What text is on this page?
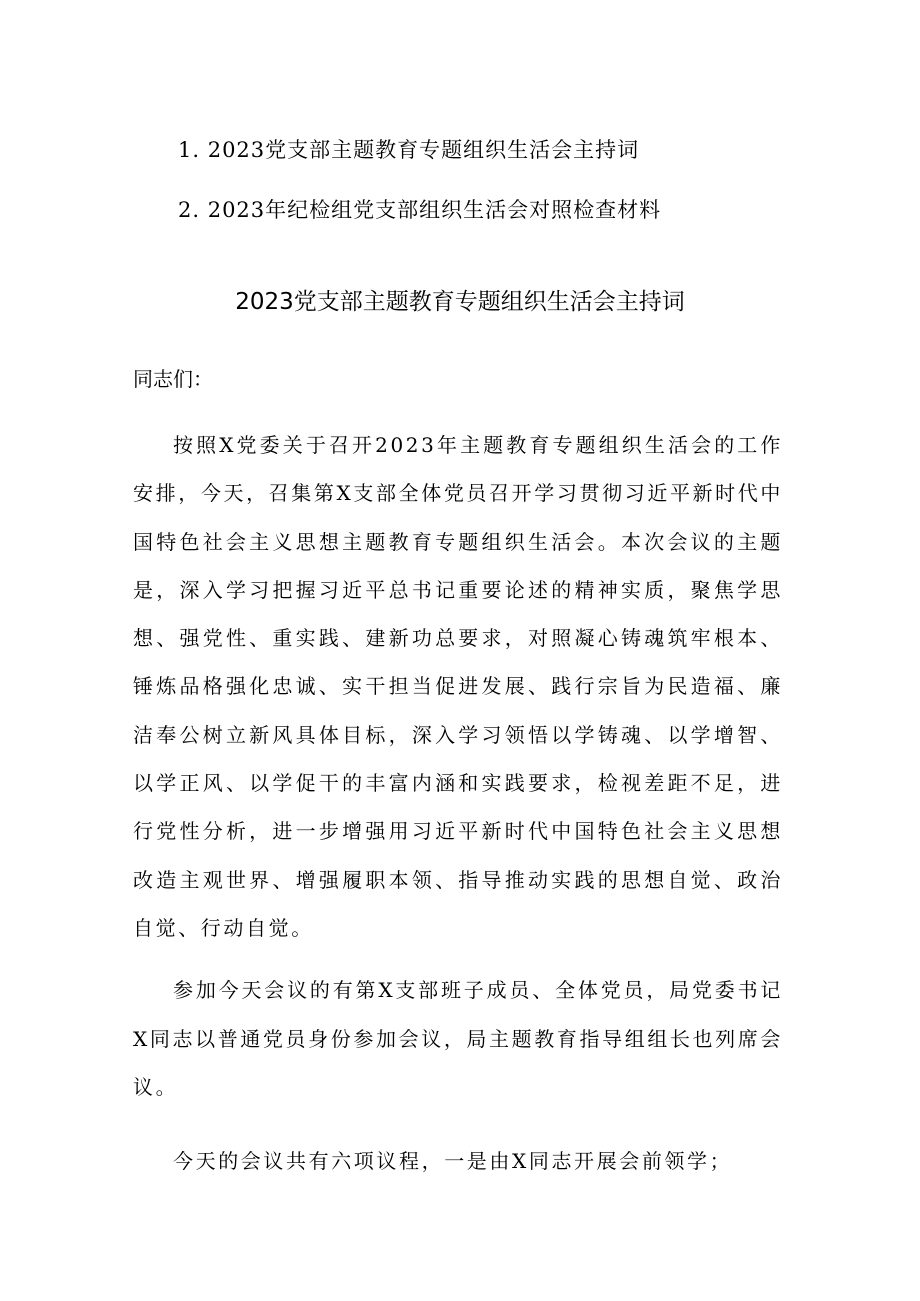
1. 2023党支部主题教育专题组织生活会主持词
2. 2023年纪检组党支部组织生活会对照检查材料
2023党支部主题教育专题组织生活会主持词

同志们：

按照X党委关于召开2023年主题教育专题组织生活会的工作安排，今天，召集第X支部全体党员召开学习贯彻习近平新时代中国特色社会主义思想主题教育专题组织生活会。本次会议的主题是，深入学习把握习近平总书记重要论述的精神实质，聚焦学思想、强党性、重实践、建新功总要求，对照凝心铸魂筑牢根本、锤炼品格强化忠诚、实干担当促进发展、践行宗旨为民造福、廉洁奉公树立新风具体目标，深入学习领悟以学铸魂、以学增智、以学正风、以学促干的丰富内涵和实践要求，检视差距不足，进行党性分析，进一步增强用习近平新时代中国特色社会主义思想改造主观世界、增强履职本领、指导推动实践的思想自觉、政治自觉、行动自觉。

参加今天会议的有第X支部班子成员、全体党员，局党委书记X同志以普通党员身份参加会议，局主题教育指导组组长也列席会议。

今天的会议共有六项议程，一是由X同志开展会前领学；
